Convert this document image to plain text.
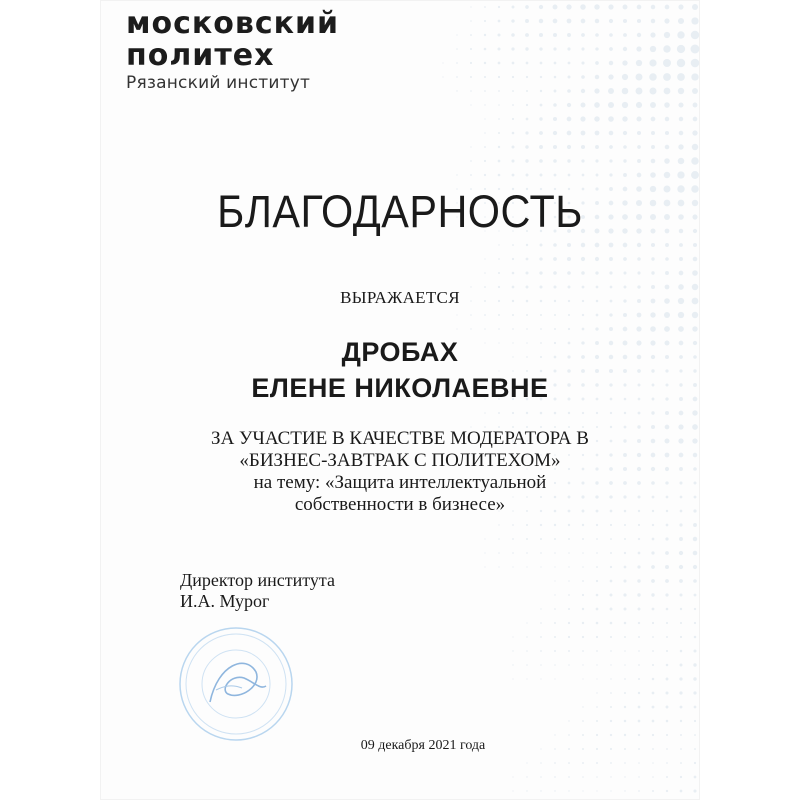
московский
политех
Рязанский институт
БЛАГОДАРНОСТЬ
ВЫРАЖАЕТСЯ
ДРОБАХ
ЕЛЕНЕ НИКОЛАЕВНЕ
ЗА УЧАСТИЕ В КАЧЕСТВЕ МОДЕРАТОРА В
«БИЗНЕС-ЗАВТРАК С ПОЛИТЕХОМ»
на тему: «Защита интеллектуальной
собственности в бизнесе»
Директор института
И.А. Мурог
09 декабря 2021 года
